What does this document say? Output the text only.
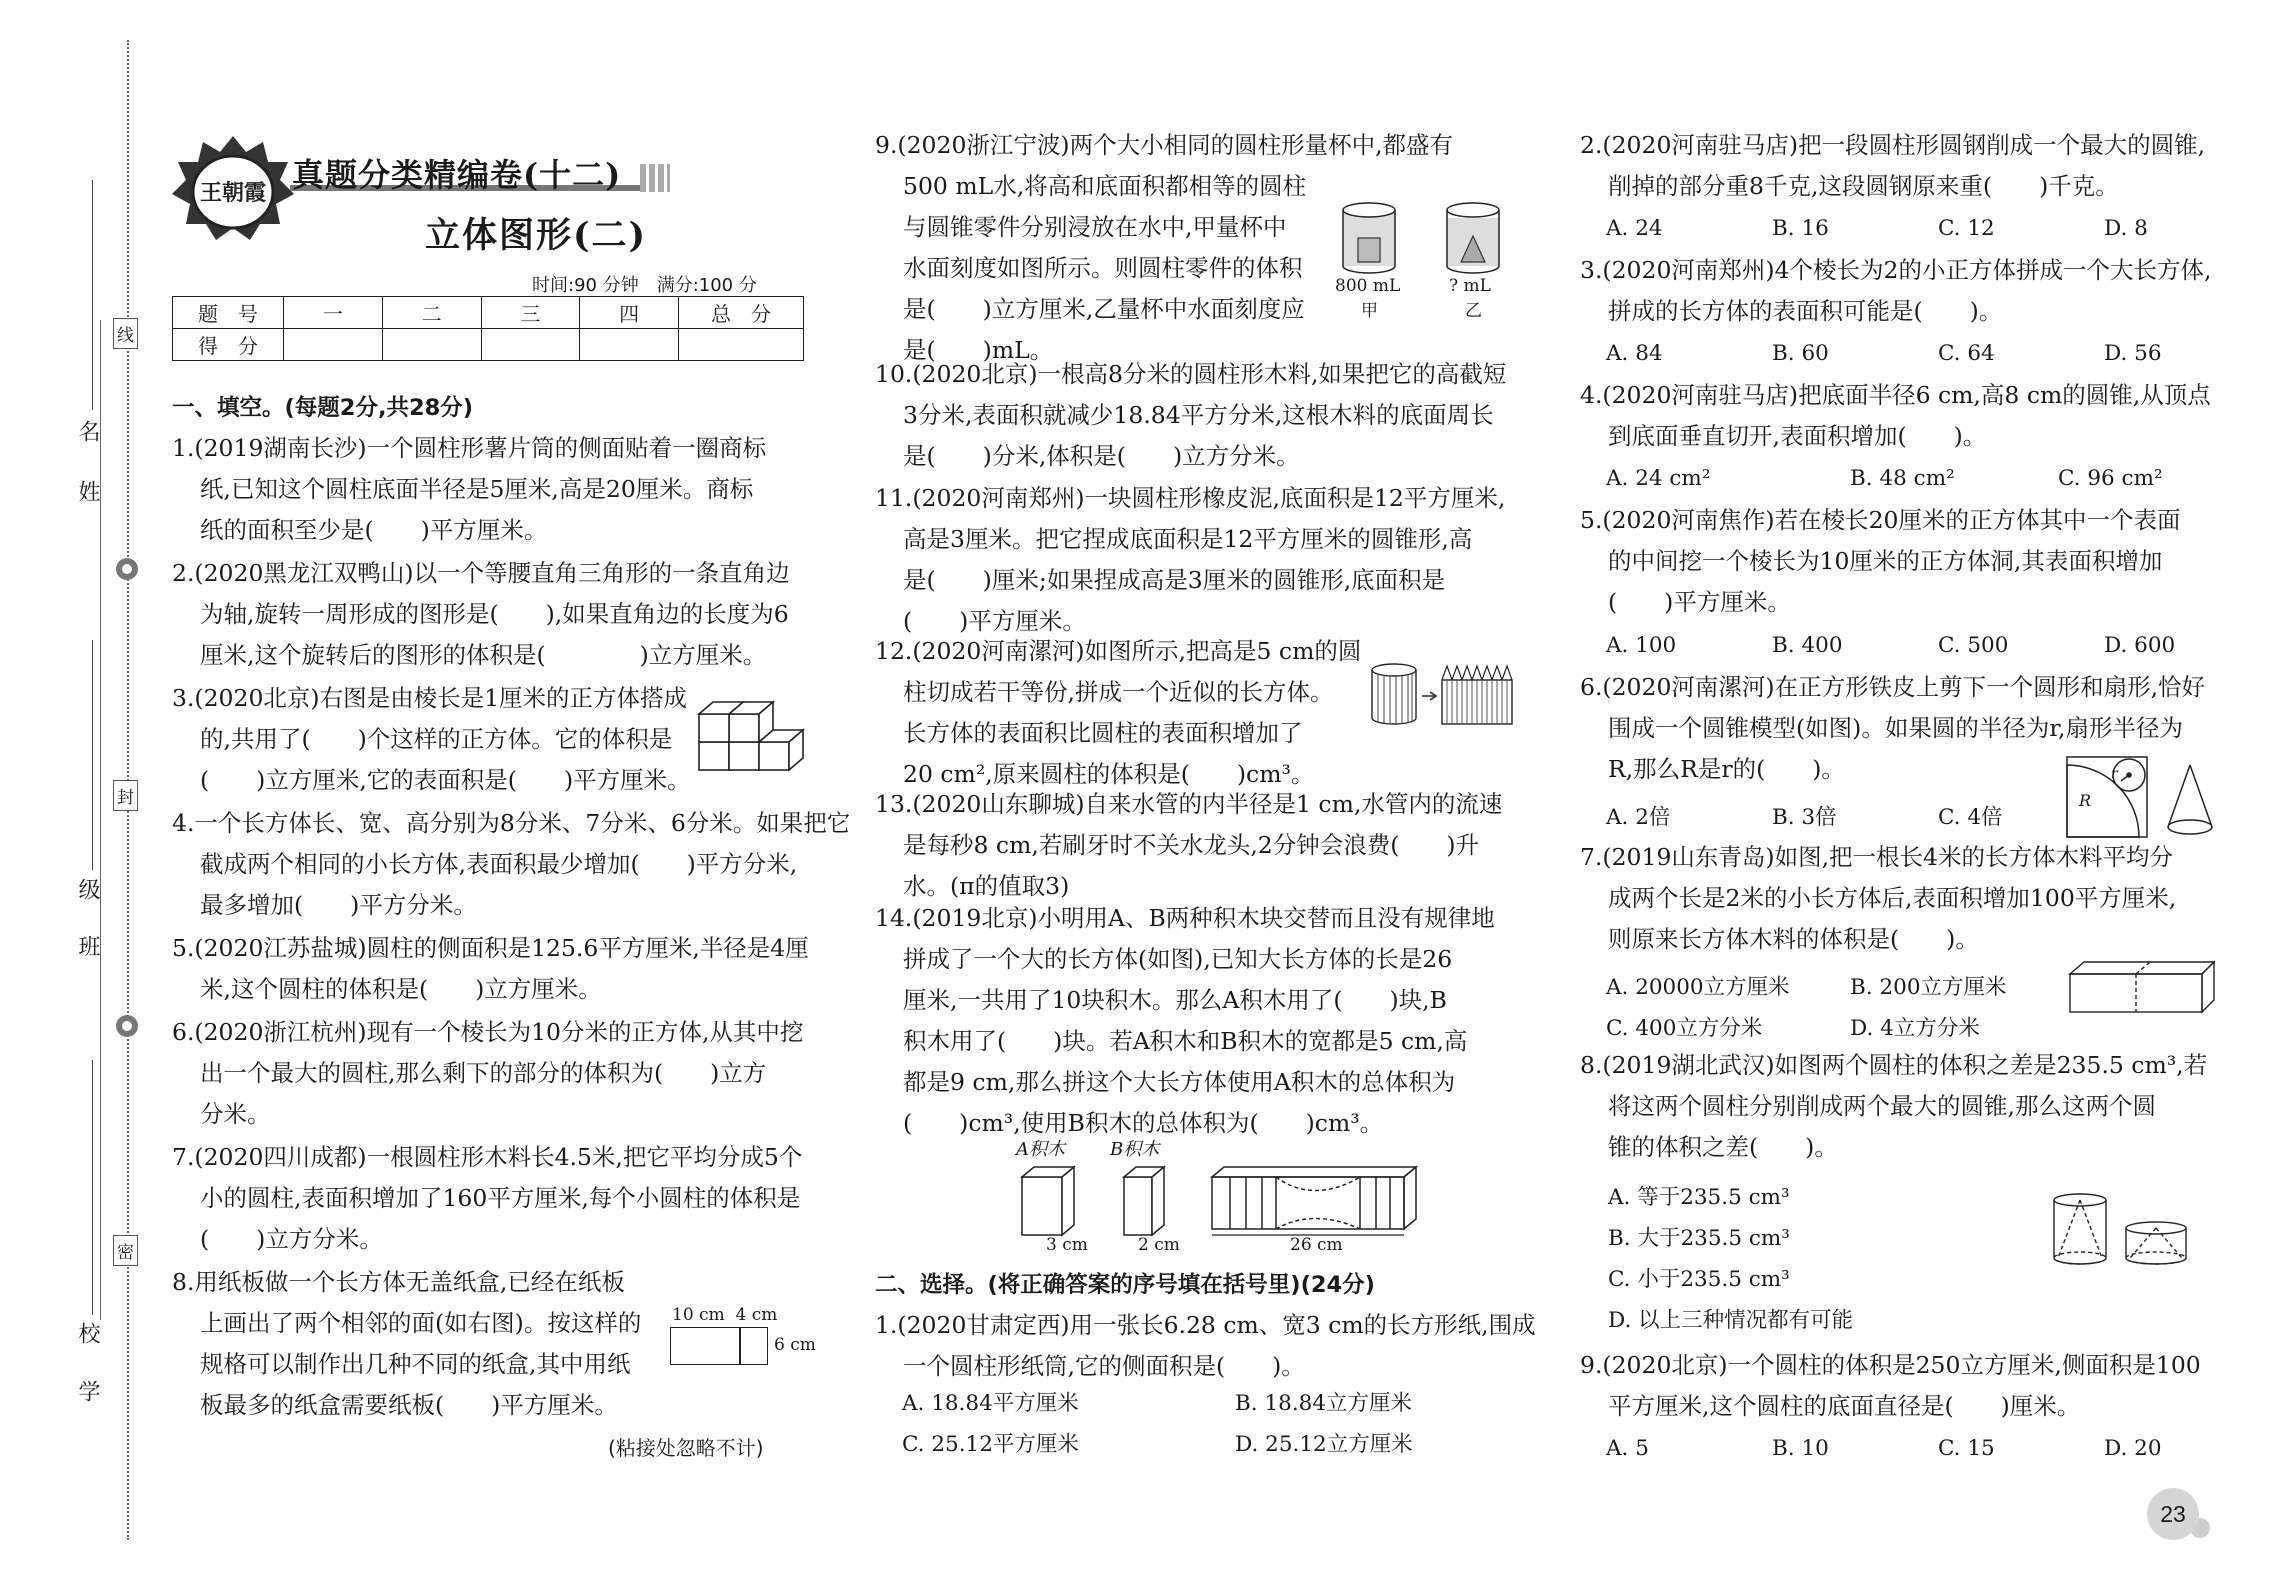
姓
名
班
级
学
校
线
封
密
王朝霞 真题分类精编卷(十二)
立体图形(二)
时间:90 分钟　满分:100 分
题　号	一	二	三	四	总　分
得　分					
一、填空。(每题2分,共28分)
1.(2019湖南长沙)一个圆柱形薯片筒的侧面贴着一圈商标
纸,已知这个圆柱底面半径是5厘米,高是20厘米。商标
纸的面积至少是(　　)平方厘米。
2.(2020黑龙江双鸭山)以一个等腰直角三角形的一条直角边
为轴,旋转一周形成的图形是(　　),如果直角边的长度为6
厘米,这个旋转后的图形的体积是(　　　　)立方厘米。
3.(2020北京)右图是由棱长是1厘米的正方体搭成
的,共用了(　　)个这样的正方体。它的体积是
(　　)立方厘米,它的表面积是(　　)平方厘米。
4.一个长方体长、宽、高分别为8分米、7分米、6分米。如果把它
截成两个相同的小长方体,表面积最少增加(　　)平方分米,
最多增加(　　)平方分米。
5.(2020江苏盐城)圆柱的侧面积是125.6平方厘米,半径是4厘
米,这个圆柱的体积是(　　)立方厘米。
6.(2020浙江杭州)现有一个棱长为10分米的正方体,从其中挖
出一个最大的圆柱,那么剩下的部分的体积为(　　)立方
分米。
7.(2020四川成都)一根圆柱形木料长4.5米,把它平均分成5个
小的圆柱,表面积增加了160平方厘米,每个小圆柱的体积是
(　　)立方分米。
8.用纸板做一个长方体无盖纸盒,已经在纸板
上画出了两个相邻的面(如右图)。按这样的
规格可以制作出几种不同的纸盒,其中用纸
板最多的纸盒需要纸板(　　)平方厘米。
10 cm  4 cm
6 cm
(粘接处忽略不计)
9.(2020浙江宁波)两个大小相同的圆柱形量杯中,都盛有
500 mL水,将高和底面积都相等的圆柱
与圆锥零件分别浸放在水中,甲量杯中
水面刻度如图所示。则圆柱零件的体积
是(　　)立方厘米,乙量杯中水面刻度应
是(　　)mL。
800 mL
甲
? mL
乙
10.(2020北京)一根高8分米的圆柱形木料,如果把它的高截短
3分米,表面积就减少18.84平方分米,这根木料的底面周长
是(　　)分米,体积是(　　)立方分米。
11.(2020河南郑州)一块圆柱形橡皮泥,底面积是12平方厘米,
高是3厘米。把它捏成底面积是12平方厘米的圆锥形,高
是(　　)厘米;如果捏成高是3厘米的圆锥形,底面积是
(　　)平方厘米。
12.(2020河南漯河)如图所示,把高是5 cm的圆
柱切成若干等份,拼成一个近似的长方体。
长方体的表面积比圆柱的表面积增加了
20 cm²,原来圆柱的体积是(　　)cm³。
13.(2020山东聊城)自来水管的内半径是1 cm,水管内的流速
是每秒8 cm,若刷牙时不关水龙头,2分钟会浪费(　　)升
水。(π的值取3)
14.(2019北京)小明用A、B两种积木块交替而且没有规律地
拼成了一个大的长方体(如图),已知大长方体的长是26
厘米,一共用了10块积木。那么A积木用了(　　)块,B
积木用了(　　)块。若A积木和B积木的宽都是5 cm,高
都是9 cm,那么拼这个大长方体使用A积木的总体积为
(　　)cm³,使用B积木的总体积为(　　)cm³。
A积木	B积木
3 cm	2 cm	26 cm
二、选择。(将正确答案的序号填在括号里)(24分)
1.(2020甘肃定西)用一张长6.28 cm、宽3 cm的长方形纸,围成
一个圆柱形纸筒,它的侧面积是(　　)。
A. 18.84平方厘米	B. 18.84立方厘米
C. 25.12平方厘米	D. 25.12立方厘米
2.(2020河南驻马店)把一段圆柱形圆钢削成一个最大的圆锥,
削掉的部分重8千克,这段圆钢原来重(　　)千克。
A. 24	B. 16	C. 12	D. 8
3.(2020河南郑州)4个棱长为2的小正方体拼成一个大长方体,
拼成的长方体的表面积可能是(　　)。
A. 84	B. 60	C. 64	D. 56
4.(2020河南驻马店)把底面半径6 cm,高8 cm的圆锥,从顶点
到底面垂直切开,表面积增加(　　)。
A. 24 cm²	B. 48 cm²	C. 96 cm²
5.(2020河南焦作)若在棱长20厘米的正方体其中一个表面
的中间挖一个棱长为10厘米的正方体洞,其表面积增加
(　　)平方厘米。
A. 100	B. 400	C. 500	D. 600
6.(2020河南漯河)在正方形铁皮上剪下一个圆形和扇形,恰好
围成一个圆锥模型(如图)。如果圆的半径为r,扇形半径为
R,那么R是r的(　　)。
A. 2倍	B. 3倍	C. 4倍
r
R
7.(2019山东青岛)如图,把一根长4米的长方体木料平均分
成两个长是2米的小长方体后,表面积增加100平方厘米,
则原来长方体木料的体积是(　　)。
A. 20000立方厘米	B. 200立方厘米
C. 400立方分米	D. 4立方分米
8.(2019湖北武汉)如图两个圆柱的体积之差是235.5 cm³,若
将这两个圆柱分别削成两个最大的圆锥,那么这两个圆
锥的体积之差(　　)。
A. 等于235.5 cm³
B. 大于235.5 cm³
C. 小于235.5 cm³
D. 以上三种情况都有可能
9.(2020北京)一个圆柱的体积是250立方厘米,侧面积是100
平方厘米,这个圆柱的底面直径是(　　)厘米。
A. 5	B. 10	C. 15	D. 20
23
